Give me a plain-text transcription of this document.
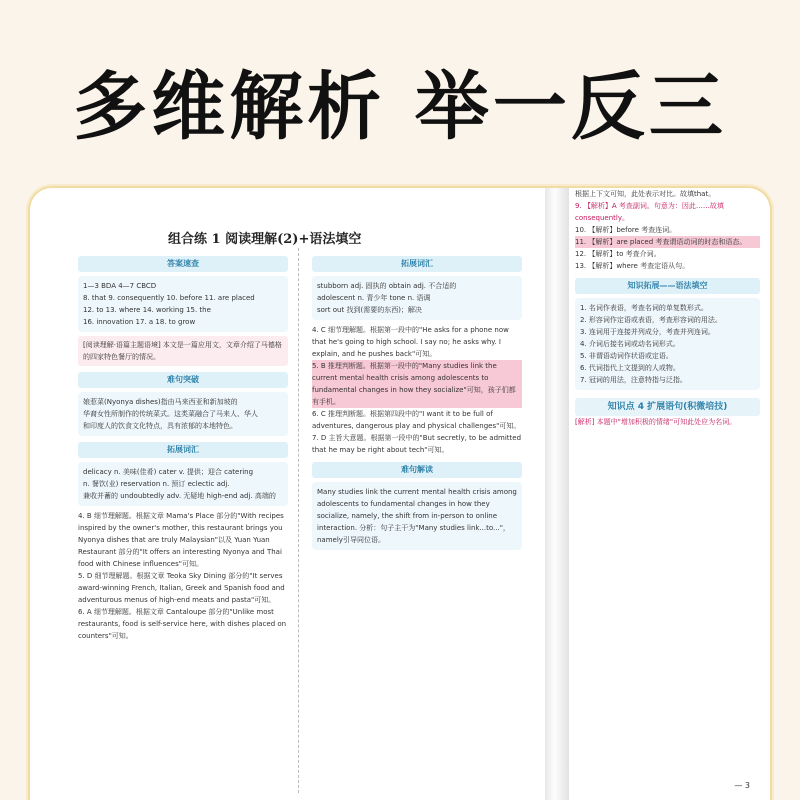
多维解析 举一反三
组合练 1 阅读理解(2)+语法填空
答案速查
1—3 BDA 4—7 CBCD
8. that 9. consequently 10. before 11. are placed
12. to 13. where 14. working 15. the
16. innovation 17. a 18. to grow
[阅读理解·语篇主题语境] 本文是一篇应用文，文章介绍了马德格的四家特色餐厅的情况。
难句突破
娘惹菜(Nyonya dishes)指由马来西亚和新加坡的
华裔女性所制作的传统菜式。这类菜融合了马来人、华人
和印度人的饮食文化特点，具有浓郁的本地特色。
拓展词汇
delicacy n. 美味(佳肴) cater v. 提供；迎合 catering
n. 餐饮(业) reservation n. 预订 eclectic adj.
兼收并蓄的 undoubtedly adv. 无疑地 high-end adj. 高端的
4. B 细节理解题。根据文章 Mama's Place 部分的"With recipes inspired by the owner's mother, this restaurant brings you Nyonya dishes that are truly Malaysian"以及 Yuan Yuan Restaurant 部分的"It offers an interesting Nyonya and Thai food with Chinese influences"可知。
5. D 细节理解题。根据文章 Teoka Sky Dining 部分的"It serves award-winning French, Italian, Greek and Spanish food and adventurous menus of high-end meats and pasta"可知。
6. A 细节理解题。根据文章 Cantaloupe 部分的"Unlike most restaurants, food is self-service here, with dishes placed on counters"可知。
拓展词汇
stubborn adj. 固执的 obtain adj. 不合适的
adolescent n. 青少年 tone n. 语调
sort out 找到(需要的东西)；解决
4. C 细节理解题。根据第一段中的"He asks for a phone now that he's going to high school. I say no; he asks why. I explain, and he pushes back"可知。
5. B 推理判断题。根据第一段中的"Many studies link the current mental health crisis among adolescents to fundamental changes in how they socialize"可知，孩子们都有手机。
6. C 推理判断题。根据第四段中的"I want it to be full of adventures, dangerous play and physical challenges"可知。
7. D 主旨大意题。根据第一段中的"But secretly, to be admitted that he may be right about tech"可知。
难句解读
Many studies link the current mental health crisis among adolescents to fundamental changes in how they socialize, namely, the shift from in-person to online interaction. 分析：句子主干为"Many studies link...to..."，namely引导同位语。
根据上下文可知，此处表示对比。故填that。
9. 【解析】A 考查副词。句意为：因此……故填 consequently。
10. 【解析】before 考查连词。
11. 【解析】are placed 考查谓语动词的时态和语态。
12. 【解析】to 考查介词。
13. 【解析】where 考查定语从句。
知识拓展——语法填空
1. 名词作表语，考查名词的单复数形式。
2. 形容词作定语或表语，考查形容词的用法。
3. 连词用于连接并列成分，考查并列连词。
4. 介词后接名词或动名词形式。
5. 非谓语动词作状语或定语。
6. 代词指代上文提到的人或物。
7. 冠词的用法，注意特指与泛指。
知识点 4 扩展语句(积微培技)
[解析] 本题中"增加积极的情绪"可知此处应为名词。
— 3
